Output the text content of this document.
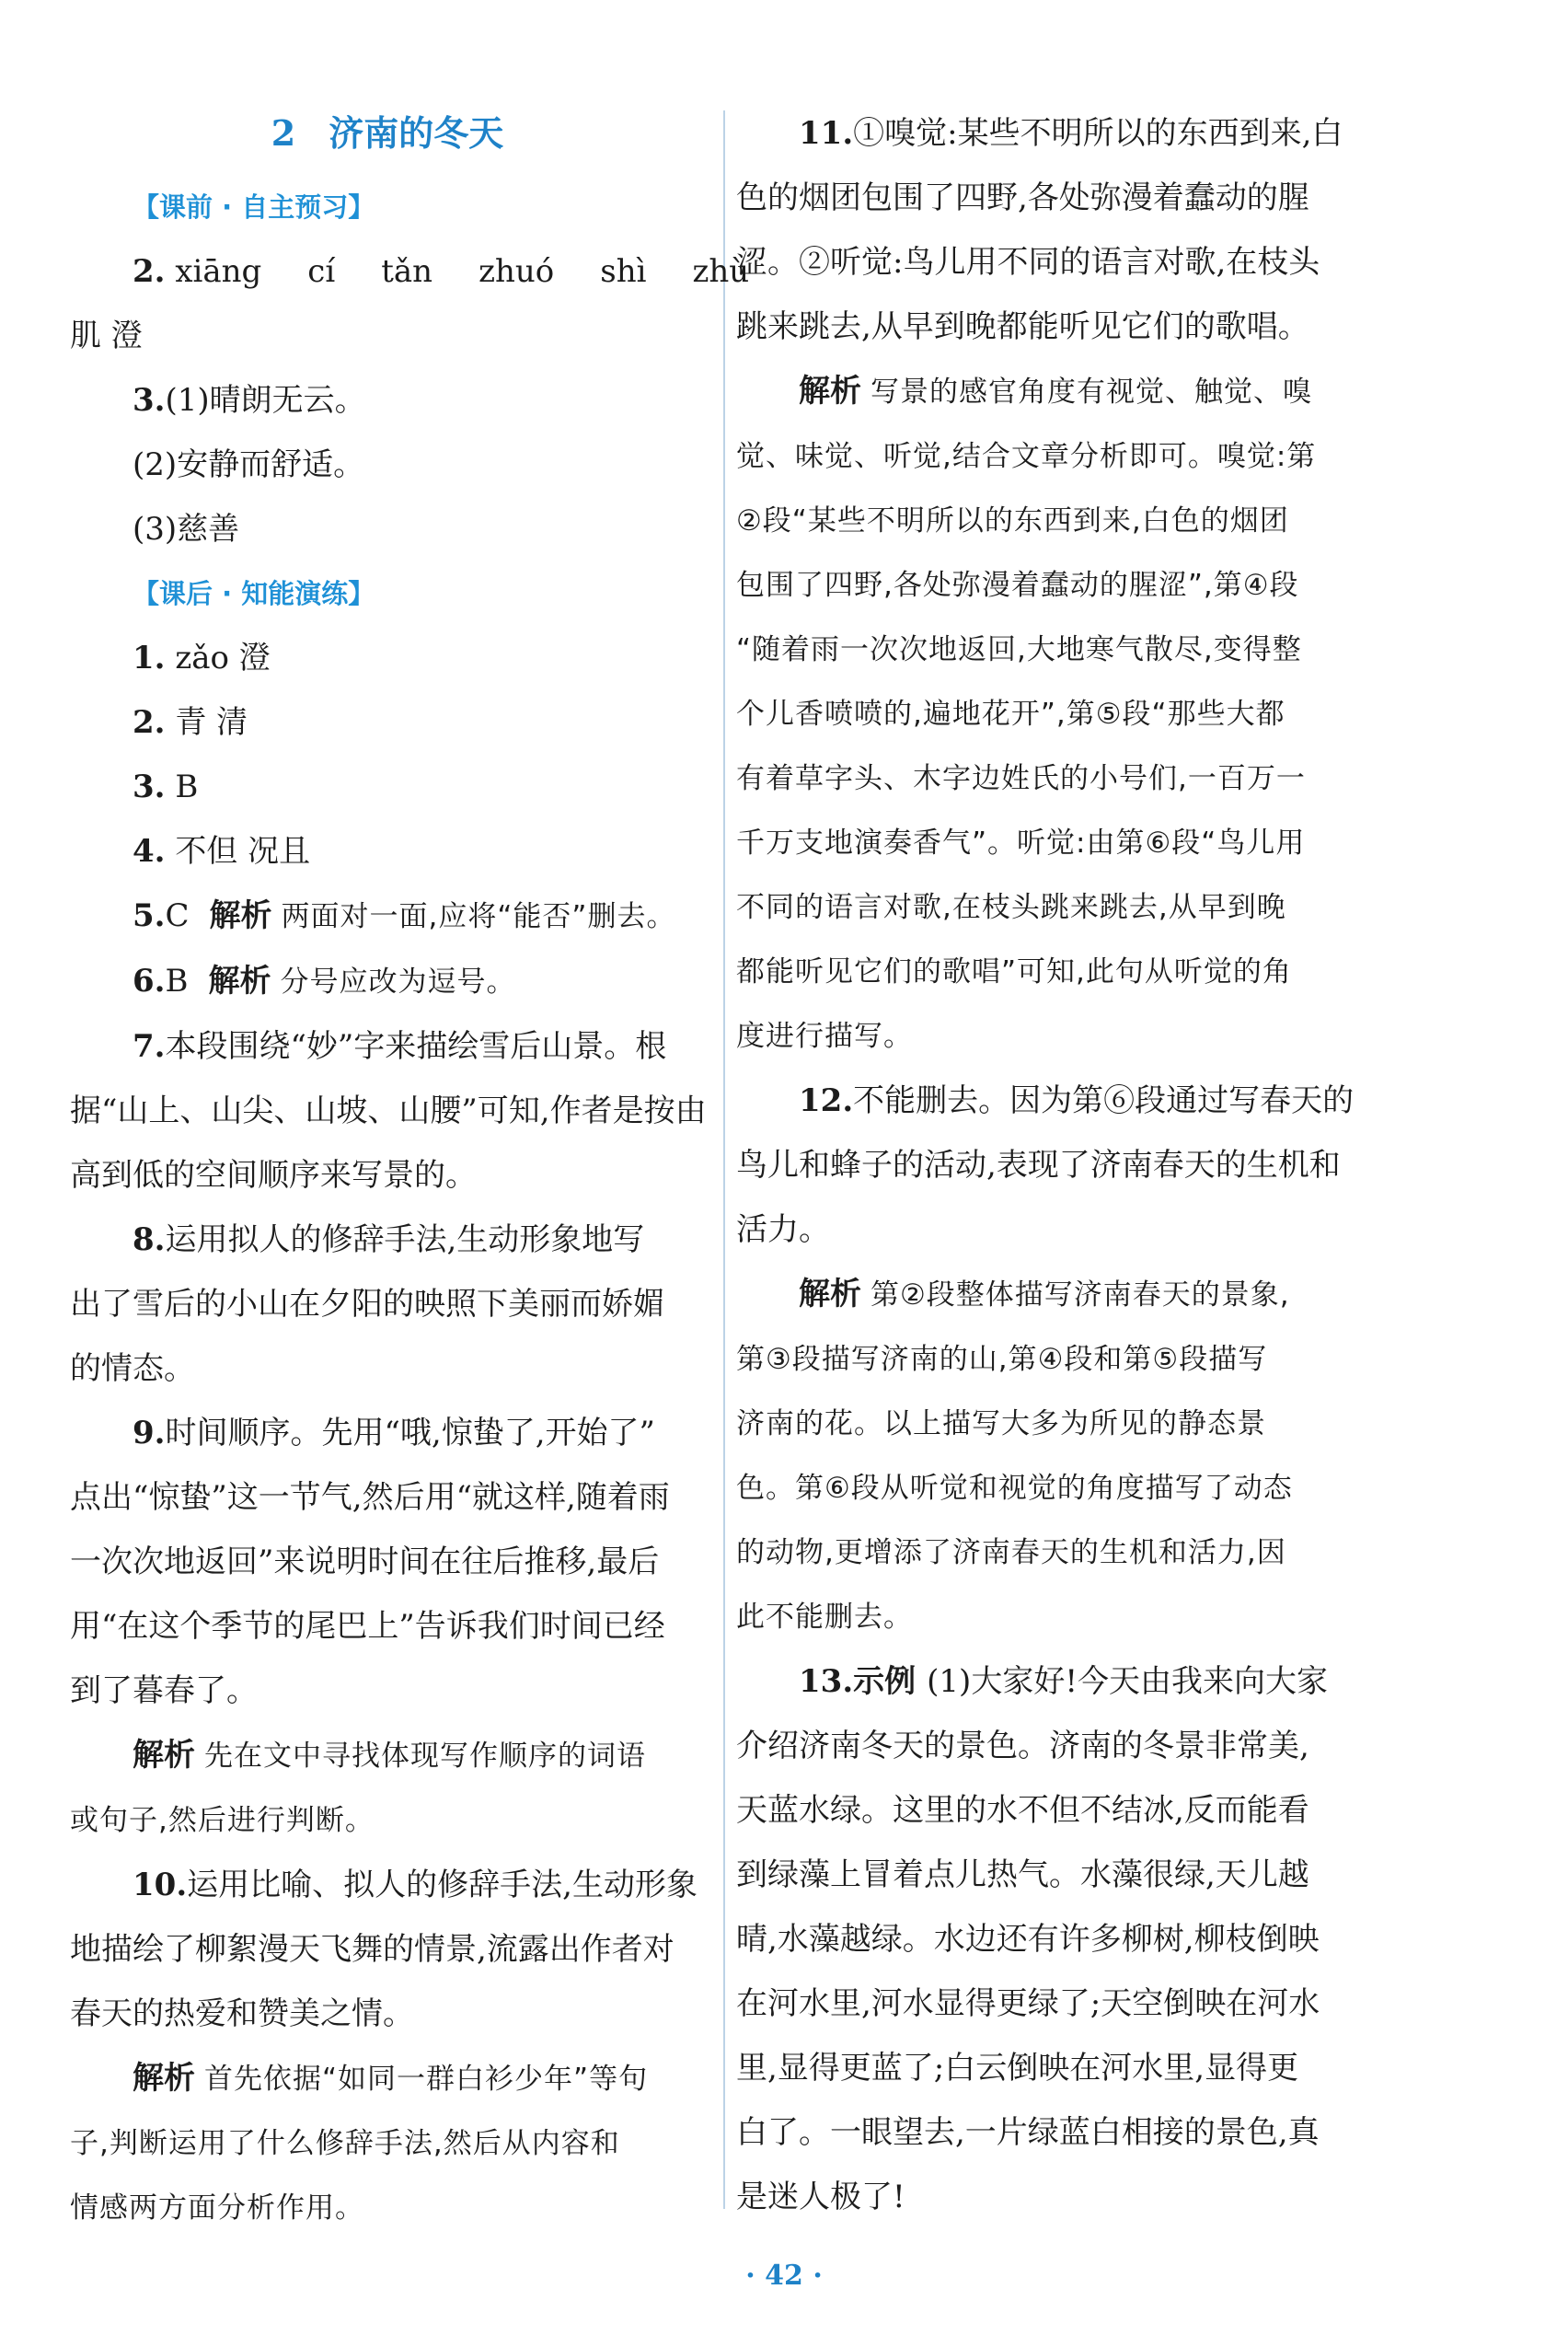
2 济南的冬天

【课前 · 自主预习】

2. xiāng cí tǎn zhuó shì zhù

肌 澄

3.(1)晴朗无云。

(2)安静而舒适。

(3)慈善

【课后 · 知能演练】

1. zǎo 澄

2. 青 清

3. B

4. 不但 况且

5.C 解析 两面对一面,应将“能否”删去。

6.B 解析 分号应改为逗号。

7.本段围绕“妙”字来描绘雪后山景。根

据“山上、山尖、山坡、山腰”可知,作者是按由

高到低的空间顺序来写景的。

8.运用拟人的修辞手法,生动形象地写

出了雪后的小山在夕阳的映照下美丽而娇媚

的情态。

9.时间顺序。先用“哦,惊蛰了,开始了”

点出“惊蛰”这一节气,然后用“就这样,随着雨

一次次地返回”来说明时间在往后推移,最后

用“在这个季节的尾巴上”告诉我们时间已经

到了暮春了。

解析 先在文中寻找体现写作顺序的词语

或句子,然后进行判断。

10.运用比喻、拟人的修辞手法,生动形象

地描绘了柳絮漫天飞舞的情景,流露出作者对

春天的热爱和赞美之情。

解析 首先依据“如同一群白衫少年”等句

子,判断运用了什么修辞手法,然后从内容和

情感两方面分析作用。

11.①嗅觉:某些不明所以的东西到来,白

色的烟团包围了四野,各处弥漫着蠢动的腥

涩。②听觉:鸟儿用不同的语言对歌,在枝头

跳来跳去,从早到晚都能听见它们的歌唱。

解析 写景的感官角度有视觉、触觉、嗅

觉、味觉、听觉,结合文章分析即可。嗅觉:第

②段“某些不明所以的东西到来,白色的烟团

包围了四野,各处弥漫着蠢动的腥涩”,第④段

“随着雨一次次地返回,大地寒气散尽,变得整

个儿香喷喷的,遍地花开”,第⑤段“那些大都

有着草字头、木字边姓氏的小号们,一百万一

千万支地演奏香气”。听觉:由第⑥段“鸟儿用

不同的语言对歌,在枝头跳来跳去,从早到晚

都能听见它们的歌唱”可知,此句从听觉的角

度进行描写。

12.不能删去。因为第⑥段通过写春天的

鸟儿和蜂子的活动,表现了济南春天的生机和

活力。

解析 第②段整体描写济南春天的景象,

第③段描写济南的山,第④段和第⑤段描写

济南的花。以上描写大多为所见的静态景

色。第⑥段从听觉和视觉的角度描写了动态

的动物,更增添了济南春天的生机和活力,因

此不能删去。

13.示例 (1)大家好!今天由我来向大家

介绍济南冬天的景色。济南的冬景非常美,

天蓝水绿。这里的水不但不结冰,反而能看

到绿藻上冒着点儿热气。水藻很绿,天儿越

晴,水藻越绿。水边还有许多柳树,柳枝倒映

在河水里,河水显得更绿了;天空倒映在河水

里,显得更蓝了;白云倒映在河水里,显得更

白了。一眼望去,一片绿蓝白相接的景色,真

是迷人极了!

· 42 ·
